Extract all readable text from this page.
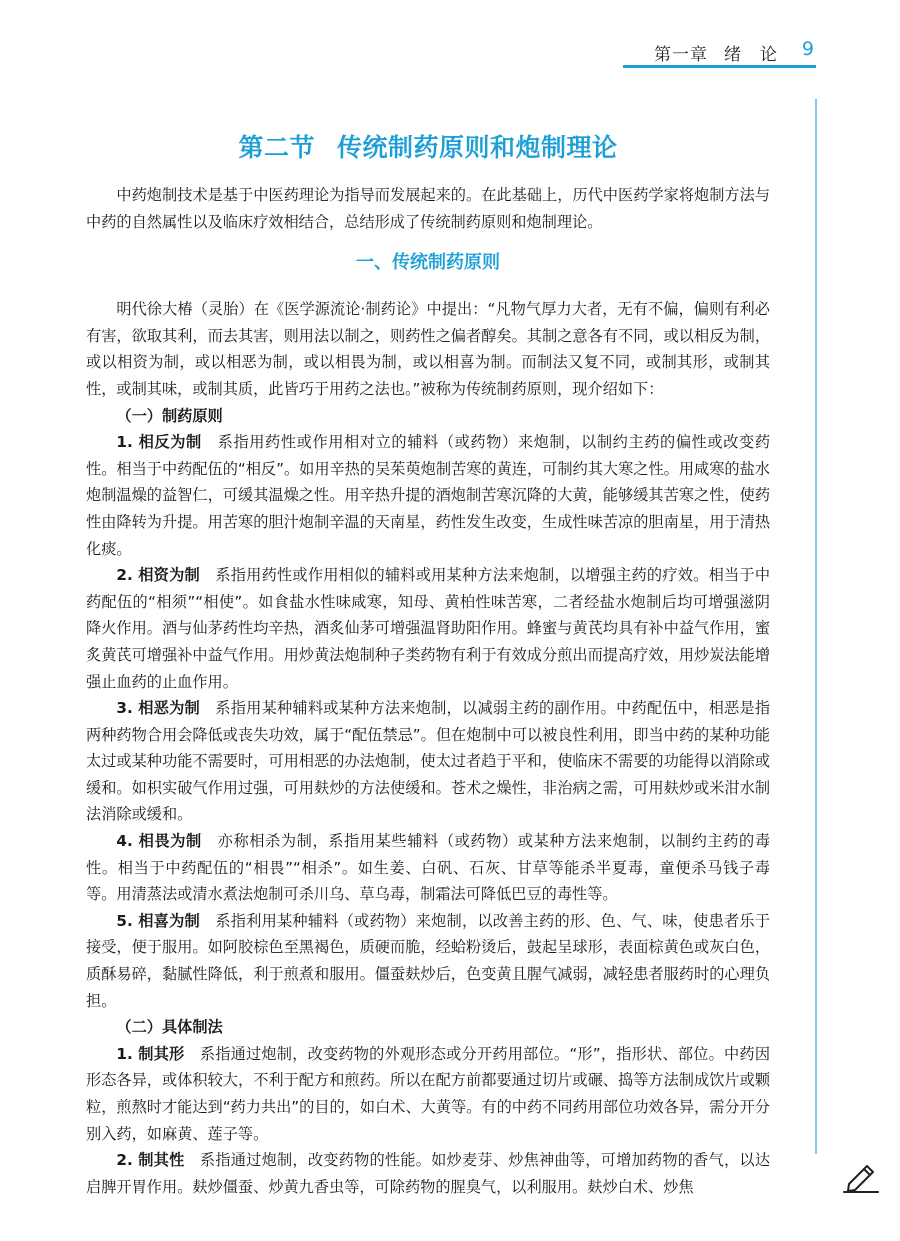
第一章 绪　论 9
第二节 传统制药原则和炮制理论

中药炮制技术是基于中医药理论为指导而发展起来的。在此基础上，历代中医药学家将炮制方法与中药的自然属性以及临床疗效相结合，总结形成了传统制药原则和炮制理论。

一、传统制药原则

明代徐大椿（灵胎）在《医学源流论·制药论》中提出：“凡物气厚力大者，无有不偏，偏则有利必有害，欲取其利，而去其害，则用法以制之，则药性之偏者醇矣。其制之意各有不同，或以相反为制，或以相资为制，或以相恶为制，或以相畏为制，或以相喜为制。而制法又复不同，或制其形，或制其性，或制其味，或制其质，此皆巧于用药之法也。”被称为传统制药原则，现介绍如下：

（一）制药原则

1. 相反为制　 系指用药性或作用相对立的辅料（或药物）来炮制，以制约主药的偏性或改变药性。相当于中药配伍的“相反”。如用辛热的吴茱萸炮制苦寒的黄连，可制约其大寒之性。用咸寒的盐水炮制温燥的益智仁，可缓其温燥之性。用辛热升提的酒炮制苦寒沉降的大黄，能够缓其苦寒之性，使药性由降转为升提。用苦寒的胆汁炮制辛温的天南星，药性发生改变，生成性味苦凉的胆南星，用于清热化痰。

2. 相资为制　 系指用药性或作用相似的辅料或用某种方法来炮制，以增强主药的疗效。相当于中药配伍的“相须”“相使”。如食盐水性味咸寒，知母、黄柏性味苦寒，二者经盐水炮制后均可增强滋阴降火作用。酒与仙茅药性均辛热，酒炙仙茅可增强温肾助阳作用。蜂蜜与黄芪均具有补中益气作用，蜜炙黄芪可增强补中益气作用。用炒黄法炮制种子类药物有利于有效成分煎出而提高疗效，用炒炭法能增强止血药的止血作用。

3. 相恶为制　 系指用某种辅料或某种方法来炮制，以减弱主药的副作用。中药配伍中，相恶是指两种药物合用会降低或丧失功效，属于“配伍禁忌”。但在炮制中可以被良性利用，即当中药的某种功能太过或某种功能不需要时，可用相恶的办法炮制，使太过者趋于平和，使临床不需要的功能得以消除或缓和。如枳实破气作用过强，可用麸炒的方法使缓和。苍术之燥性，非治病之需，可用麸炒或米泔水制法消除或缓和。

4. 相畏为制　 亦称相杀为制，系指用某些辅料（或药物）或某种方法来炮制，以制约主药的毒性。相当于中药配伍的“相畏”“相杀”。如生姜、白矾、石灰、甘草等能杀半夏毒，童便杀马钱子毒等。用清蒸法或清水煮法炮制可杀川乌、草乌毒，制霜法可降低巴豆的毒性等。

5. 相喜为制　 系指利用某种辅料（或药物）来炮制，以改善主药的形、色、气、味，使患者乐于接受，便于服用。如阿胶棕色至黑褐色，质硬而脆，经蛤粉烫后，鼓起呈球形，表面棕黄色或灰白色，质酥易碎，黏腻性降低，利于煎煮和服用。僵蚕麸炒后，色变黄且腥气减弱，减轻患者服药时的心理负担。

（二）具体制法

1. 制其形　 系指通过炮制，改变药物的外观形态或分开药用部位。“形”，指形状、部位。中药因形态各异，或体积较大，不利于配方和煎药。所以在配方前都要通过切片或碾、捣等方法制成饮片或颗粒，煎熬时才能达到“药力共出”的目的，如白术、大黄等。有的中药不同药用部位功效各异，需分开分别入药，如麻黄、莲子等。

2. 制其性　 系指通过炮制，改变药物的性能。如炒麦芽、炒焦神曲等，可增加药物的香气，以达启脾开胃作用。麸炒僵蚕、炒黄九香虫等，可除药物的腥臭气，以利服用。麸炒白术、炒焦
